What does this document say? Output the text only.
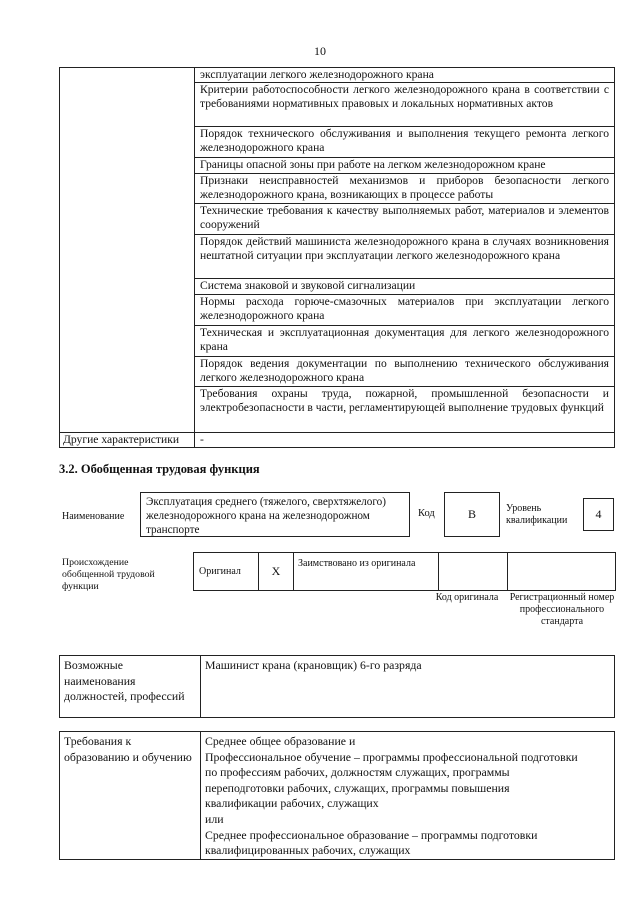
10
	эксплуатации легкого железнодорожного крана
	Критерии работоспособности легкого железнодорожного крана в соответствии с требованиями нормативных правовых и локальных нормативных актов
	Порядок технического обслуживания и выполнения текущего ремонта легкого железнодорожного крана
	Границы опасной зоны при работе на легком железнодорожном кране
	Признаки неисправностей механизмов и приборов безопасности легкого железнодорожного крана, возникающих в процессе работы
	Технические требования к качеству выполняемых работ, материалов и элементов сооружений
	Порядок действий машиниста железнодорожного крана в случаях возникновения нештатной ситуации при эксплуатации легкого железнодорожного крана
	Система знаковой и звуковой сигнализации
	Нормы расхода горюче-смазочных материалов при эксплуатации легкого железнодорожного крана
	Техническая и эксплуатационная документация для легкого железнодорожного крана
	Порядок ведения документации по выполнению технического обслуживания легкого железнодорожного крана
	Требования охраны труда, пожарной, промышленной безопасности и электробезопасности в части, регламентирующей выполнение трудовых функций
Другие характеристики	-
3.2. Обобщенная трудовая функция
Наименование
Эксплуатация среднего (тяжелого, сверхтяжелого) железнодорожного крана на железнодорожном транспорте
Код	В	Уровень квалификации	4
Происхождение обобщенной трудовой функции
Оригинал	X	Заимствовано из оригинала		
Код оригинала	Регистрационный номер профессионального стандарта
Возможные наименования должностей, профессий	Машинист крана (крановщик) 6-го разряда
Требования к образованию и обучению	
Среднее общее образование и
Профессиональное обучение – программы профессиональной подготовки
по профессиям рабочих, должностям служащих, программы
переподготовки рабочих, служащих, программы повышения
квалификации рабочих, служащих
или
Среднее профессиональное образование – программы подготовки
квалифицированных рабочих, служащих
